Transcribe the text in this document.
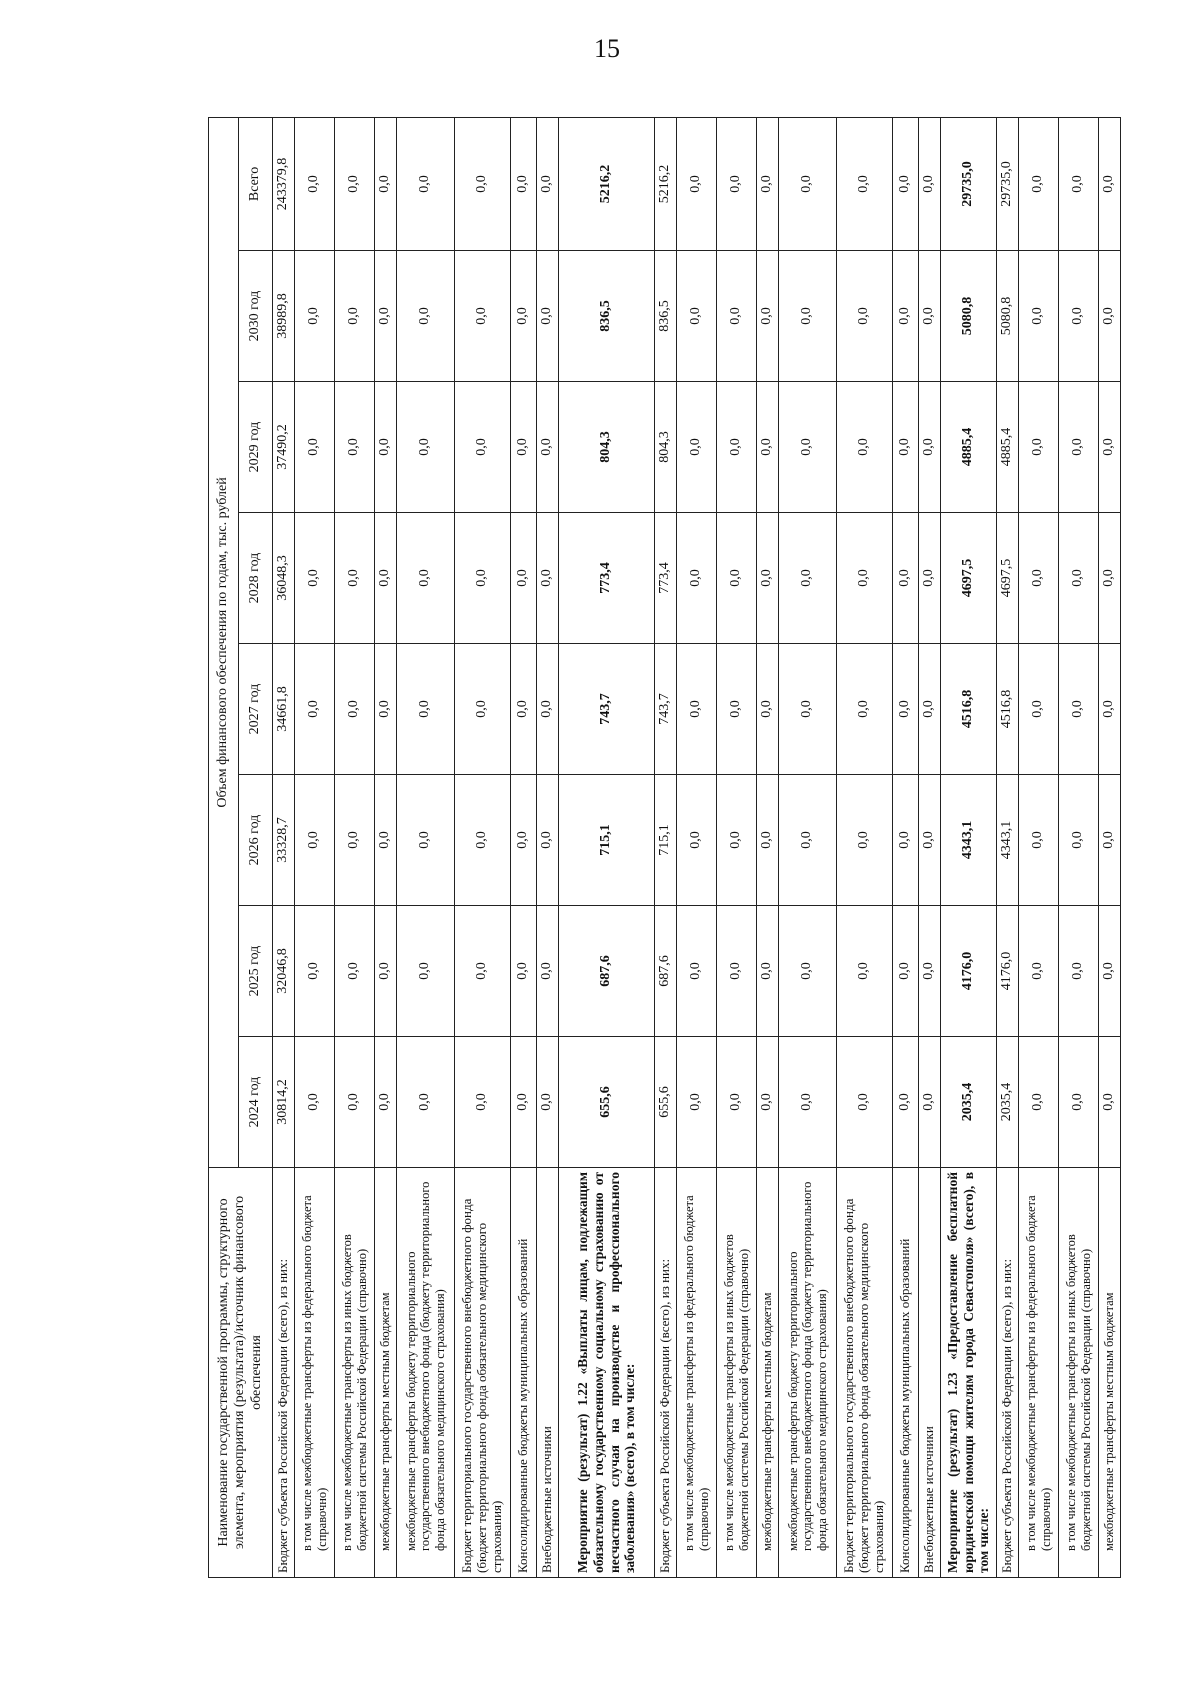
15
Наименование государственной программы, структурного элемента, мероприятия (результата)/источник финансового обеспечения	Объем финансового обеспечения по годам, тыс. рублей							
	2024 год	2025 год	2026 год	2027 год	2028 год	2029 год	2030 год	Всего
Бюджет субъекта Российской Федерации (всего), из них:	30814,2	32046,8	33328,7	34661,8	36048,3	37490,2	38989,8	243379,8
в том числе межбюджетные трансферты из федерального бюджета (справочно)	0,0	0,0	0,0	0,0	0,0	0,0	0,0	0,0
в том числе межбюджетные трансферты из иных бюджетов бюджетной системы Российской Федерации (справочно)	0,0	0,0	0,0	0,0	0,0	0,0	0,0	0,0
межбюджетные трансферты местным бюджетам	0,0	0,0	0,0	0,0	0,0	0,0	0,0	0,0
межбюджетные трансферты бюджету территориального государственного внебюджетного фонда (бюджету территориального фонда обязательного медицинского страхования)	0,0	0,0	0,0	0,0	0,0	0,0	0,0	0,0
Бюджет территориального государственного внебюджетного фонда (бюджет территориального фонда обязательного медицинского страхования)	0,0	0,0	0,0	0,0	0,0	0,0	0,0	0,0
Консолидированные бюджеты муниципальных образований	0,0	0,0	0,0	0,0	0,0	0,0	0,0	0,0
Внебюджетные источники	0,0	0,0	0,0	0,0	0,0	0,0	0,0	0,0
Мероприятие (результат) 1.22 «Выплаты лицам, подлежащим обязательному государственному социальному страхованию от несчастного случая на производстве и профессионального заболевания» (всего), в том числе:	655,6	687,6	715,1	743,7	773,4	804,3	836,5	5216,2
Бюджет субъекта Российской Федерации (всего), из них:	655,6	687,6	715,1	743,7	773,4	804,3	836,5	5216,2
в том числе межбюджетные трансферты из федерального бюджета (справочно)	0,0	0,0	0,0	0,0	0,0	0,0	0,0	0,0
в том числе межбюджетные трансферты из иных бюджетов бюджетной системы Российской Федерации (справочно)	0,0	0,0	0,0	0,0	0,0	0,0	0,0	0,0
межбюджетные трансферты местным бюджетам	0,0	0,0	0,0	0,0	0,0	0,0	0,0	0,0
межбюджетные трансферты бюджету территориального государственного внебюджетного фонда (бюджету территориального фонда обязательного медицинского страхования)	0,0	0,0	0,0	0,0	0,0	0,0	0,0	0,0
Бюджет территориального государственного внебюджетного фонда (бюджет территориального фонда обязательного медицинского страхования)	0,0	0,0	0,0	0,0	0,0	0,0	0,0	0,0
Консолидированные бюджеты муниципальных образований	0,0	0,0	0,0	0,0	0,0	0,0	0,0	0,0
Внебюджетные источники	0,0	0,0	0,0	0,0	0,0	0,0	0,0	0,0
Мероприятие (результат) 1.23 «Предоставление бесплатной юридической помощи жителям города Севастополя» (всего), в том числе:	2035,4	4176,0	4343,1	4516,8	4697,5	4885,4	5080,8	29735,0
Бюджет субъекта Российской Федерации (всего), из них:	2035,4	4176,0	4343,1	4516,8	4697,5	4885,4	5080,8	29735,0
в том числе межбюджетные трансферты из федерального бюджета (справочно)	0,0	0,0	0,0	0,0	0,0	0,0	0,0	0,0
в том числе межбюджетные трансферты из иных бюджетов бюджетной системы Российской Федерации (справочно)	0,0	0,0	0,0	0,0	0,0	0,0	0,0	0,0
межбюджетные трансферты местным бюджетам	0,0	0,0	0,0	0,0	0,0	0,0	0,0	0,0
